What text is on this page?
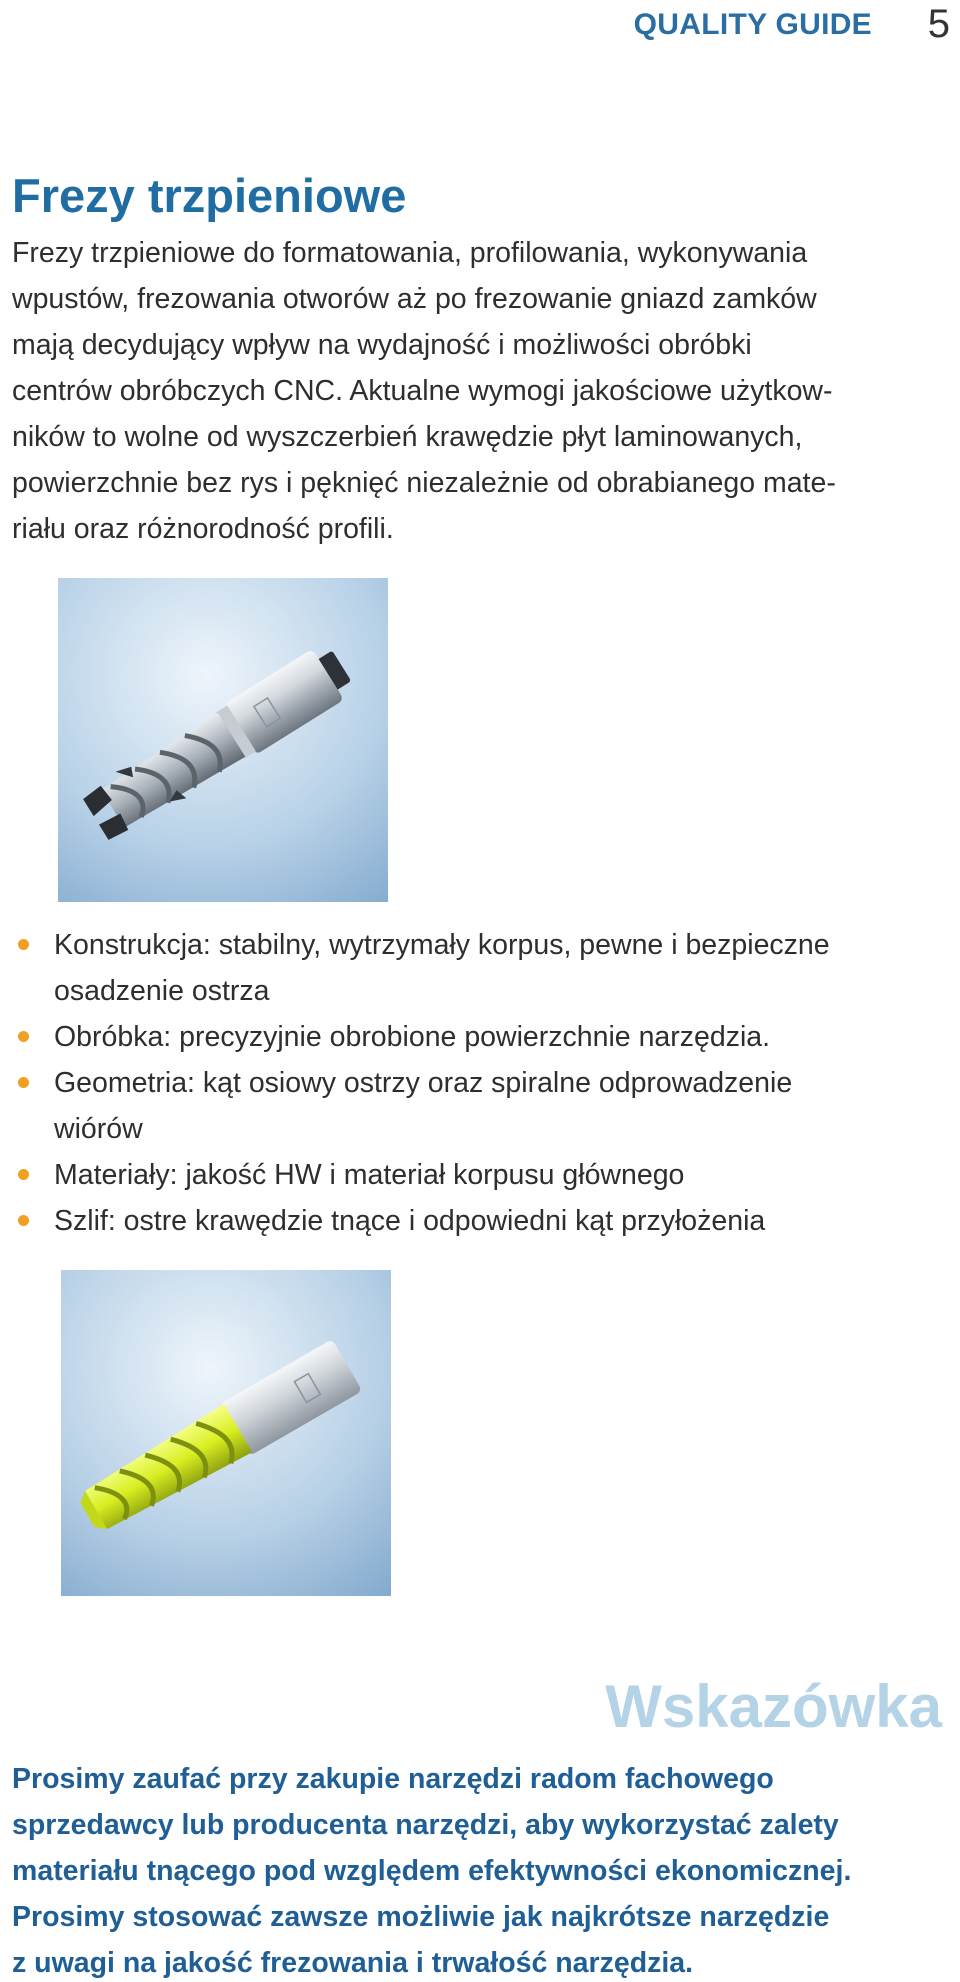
QUALITY GUIDE 5
Frezy trzpieniowe
Frezy trzpieniowe do formatowania, profilowania, wykonywania
wpustów, frezowania otworów aż po frezowanie gniazd zamków
mają decydujący wpływ na wydajność i możliwości obróbki
centrów obróbczych CNC. Aktualne wymogi jakościowe użytkow-
ników to wolne od wyszczerbień krawędzie płyt laminowanych,
powierzchnie bez rys i pęknięć niezależnie od obrabianego mate-
riału oraz różnorodność profili.
Konstrukcja: stabilny, wytrzymały korpus, pewne i bezpieczne
osadzenie ostrza
Obróbka: precyzyjnie obrobione powierzchnie narzędzia.
Geometria: kąt osiowy ostrzy oraz spiralne odprowadzenie
wiórów
Materiały: jakość HW i materiał korpusu głównego
Szlif: ostre krawędzie tnące i odpowiedni kąt przyłożenia
Wskazówka
Prosimy zaufać przy zakupie narzędzi radom fachowego
sprzedawcy lub producenta narzędzi, aby wykorzystać zalety
materiału tnącego pod względem efektywności ekonomicznej.
Prosimy stosować zawsze możliwie jak najkrótsze narzędzie
z uwagi na jakość frezowania i trwałość narzędzia.
